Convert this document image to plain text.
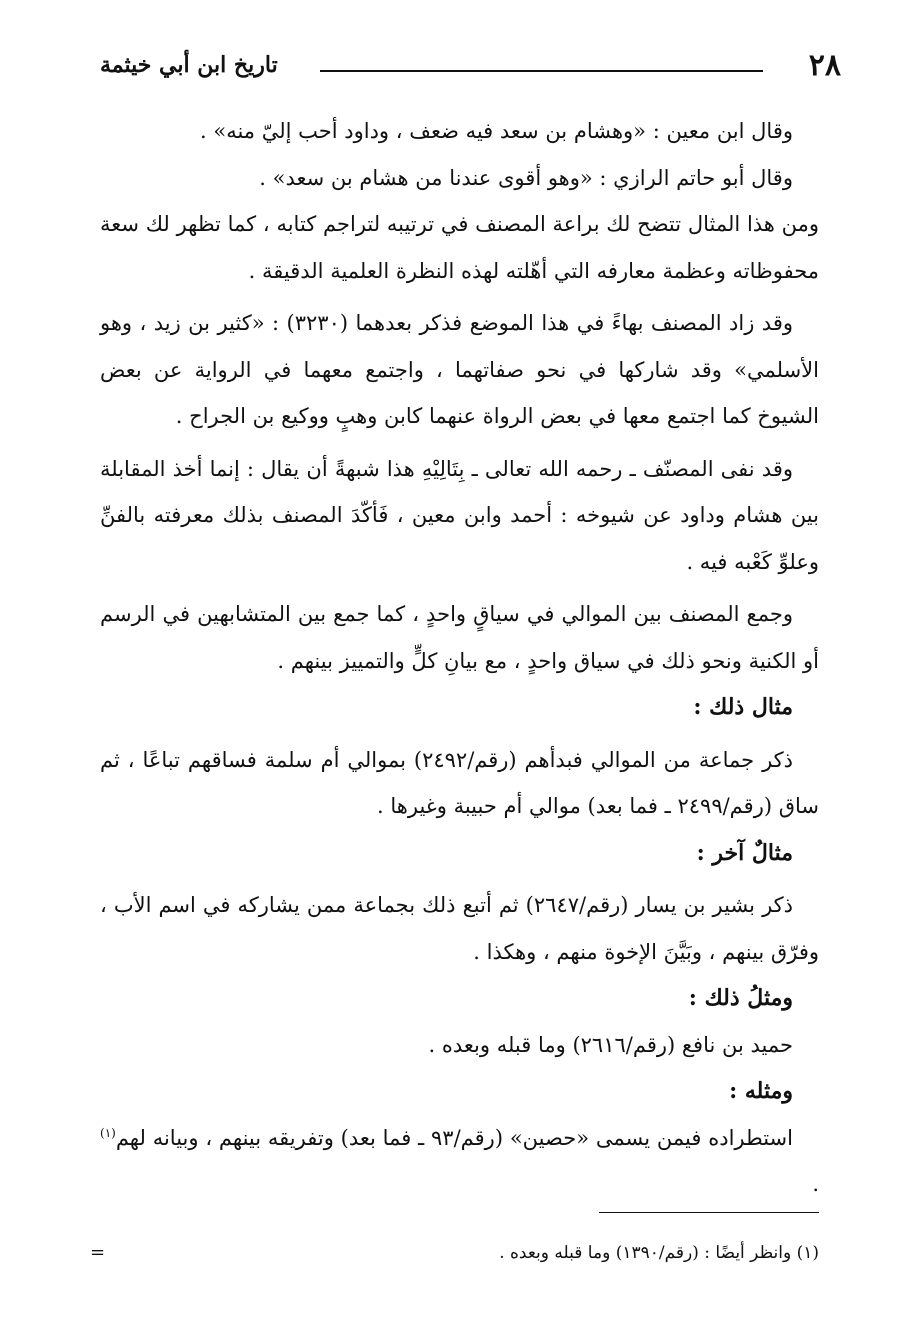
٢٨
تاريخ ابن أبي خيثمة

وقال ابن معين : «وهشام بن سعد فيه ضعف ، وداود أحب إليّ منه» .

وقال أبو حاتم الرازي : «وهو أقوى عندنا من هشام بن سعد» .

ومن هذا المثال تتضح لك براعة المصنف في ترتيبه لتراجم كتابه ، كما تظهر لك سعة محفوظاته وعظمة معارفه التي أهّلته لهذه النظرة العلمية الدقيقة .

وقد زاد المصنف بهاءً في هذا الموضع فذكر بعدهما (٣٢٣٠) : «كثير بن زيد ، وهو الأسلمي» وقد شاركها في نحو صفاتهما ، واجتمع معهما في الرواية عن بعض الشيوخ كما اجتمع معها في بعض الرواة عنهما كابن وهبٍ ووكيع بن الجراح .

وقد نفى المصنّف ـ رحمه الله تعالى ـ بِتَالِيْهِ هذا شبهةً أن يقال : إنما أخذ المقابلة بين هشام وداود عن شيوخه : أحمد وابن معين ، فَأكّدَ المصنف بذلك معرفته بالفنِّ وعلوِّ كَعْبه فيه .

وجمع المصنف بين الموالي في سياقٍ واحدٍ ، كما جمع بين المتشابهين في الرسم أو الكنية ونحو ذلك في سياق واحدٍ ، مع بيانِ كلٍّ والتمييز بينهم .

مثال ذلك :

ذكر جماعة من الموالي فبدأهم (رقم/٢٤٩٢) بموالي أم سلمة فساقهم تباعًا ، ثم ساق (رقم/٢٤٩٩ ـ فما بعد) موالي أم حبيبة وغيرها .

مثالٌ آخر :

ذكر بشير بن يسار (رقم/٢٦٤٧) ثم أتبع ذلك بجماعة ممن يشاركه في اسم الأب ، وفرّق بينهم ، وبَيَّنَ الإخوة منهم ، وهكذا .

ومثلُ ذلك :

حميد بن نافع (رقم/٢٦١٦) وما قبله وبعده .

ومثله :

استطراده فيمن يسمى «حصين» (رقم/٩٣ ـ فما بعد) وتفريقه بينهم ، وبيانه لهم$^{(١)}$ .

(١) وانظر أيضًا : (رقم/١٣٩٠) وما قبله وبعده .
=
